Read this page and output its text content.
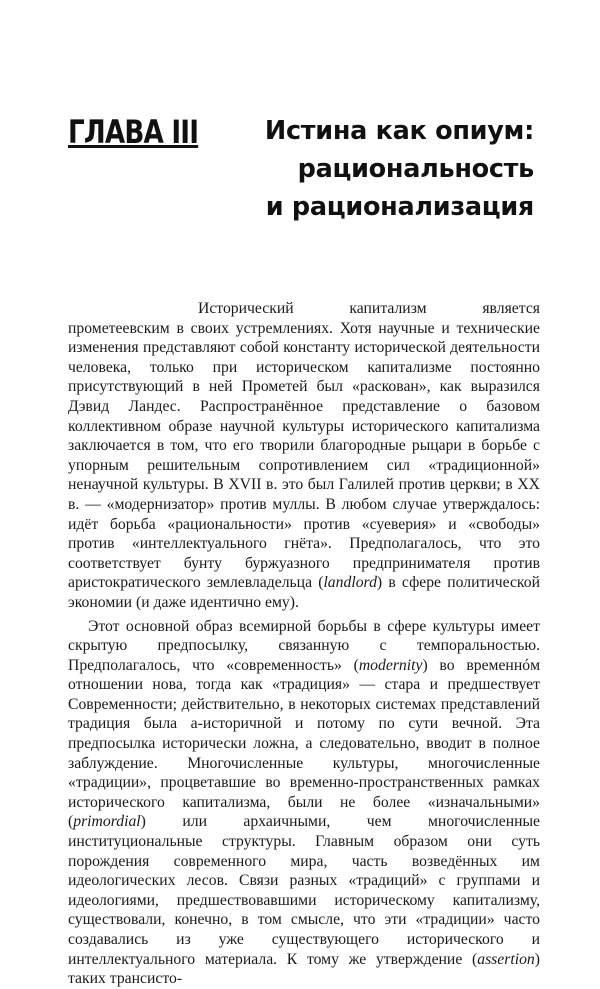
ГЛАВА III	Истина как опиум:
рациональность
и рационализация

Исторический капитализм является прометеевским в своих устремлениях. Хотя научные и технические изменения представляют собой константу исторической деятельности человека, только при историческом капитализме постоянно присутствующий в ней Прометей был «раскован», как выразился Дэвид Ландес. Распространённое представление о базовом коллективном образе научной культуры исторического капитализма заключается в том, что его творили благородные рыцари в борьбе с упорным решительным сопротивлением сил «традиционной» ненаучной культуры. В XVII в. это был Галилей против церкви; в XX в. — «модернизатор» против муллы. В любом случае утверждалось: идёт борьба «рациональности» против «суеверия» и «свободы» против «интеллектуального гнёта». Предполагалось, что это соответствует бунту буржуазного предпринимателя против аристократического землевладельца (landlord) в сфере политической экономии (и даже идентично ему).

Этот основной образ всемирной борьбы в сфере культуры имеет скрытую предпосылку, связанную с темпоральностью. Предполагалось, что «современность» (modernity) во временнóм отношении нова, тогда как «традиция» — стара и предшествует Современности; действительно, в некоторых системах представлений традиция была а-историчной и потому по сути вечной. Эта предпосылка исторически ложна, а следовательно, вводит в полное заблуждение. Многочисленные культуры, многочисленные «традиции», процветавшие во временно-пространственных рамках исторического капитализма, были не более «изначальными» (primordial) или архаичными, чем многочисленные институциональные структуры. Главным образом они суть порождения современного мира, часть возведённых им идеологических лесов. Связи разных «традиций» с группами и идеологиями, предшествовавшими историческому капитализму, существовали, конечно, в том смысле, что эти «традиции» часто создавались из уже существующего исторического и интеллектуального материала. К тому же утверждение (assertion) таких трансисто-
